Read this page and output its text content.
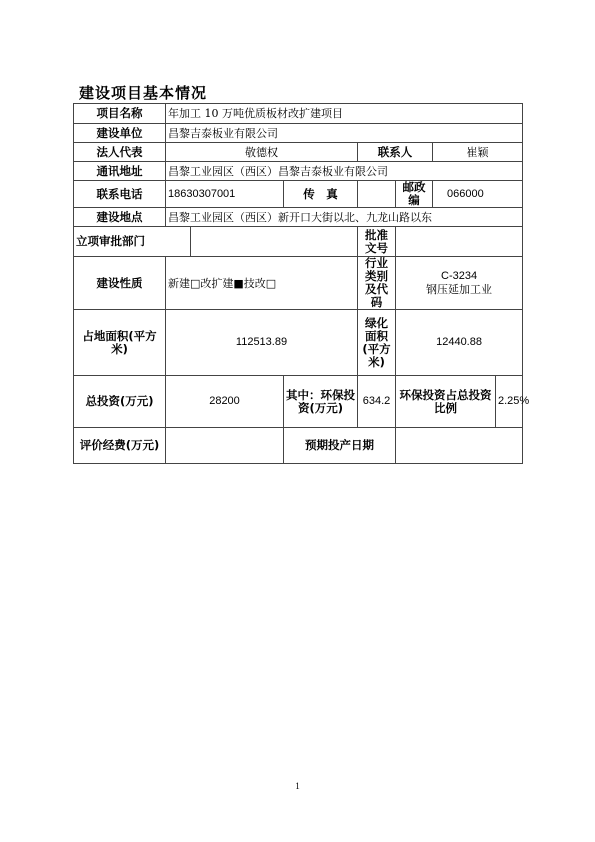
建设项目基本情况
项目名称	年加工 10 万吨优质板材改扩建项目						
建设单位	昌黎吉泰板业有限公司						
法人代表	敬德权			联系人		崔颖	
通讯地址	昌黎工业园区（西区）昌黎吉泰板业有限公司						
联系电话	18630307001		传　真		邮政编	066000	
建设地点	昌黎工业园区（西区）新开口大街以北、九龙山路以东						
立项审批部门				批准文号			
建设性质	新建□改扩建■技改□			行业类别及代码	C-3234
钢压延加工业		

占地面积(平方米)	112513.89			绿化面积(平方米)	12440.88		
总投资(万元)	28200		其中：环保投资(万元)	634.2	环保投资占总投资比例		2.25%
评价经费(万元)			预期投产日期				
1
